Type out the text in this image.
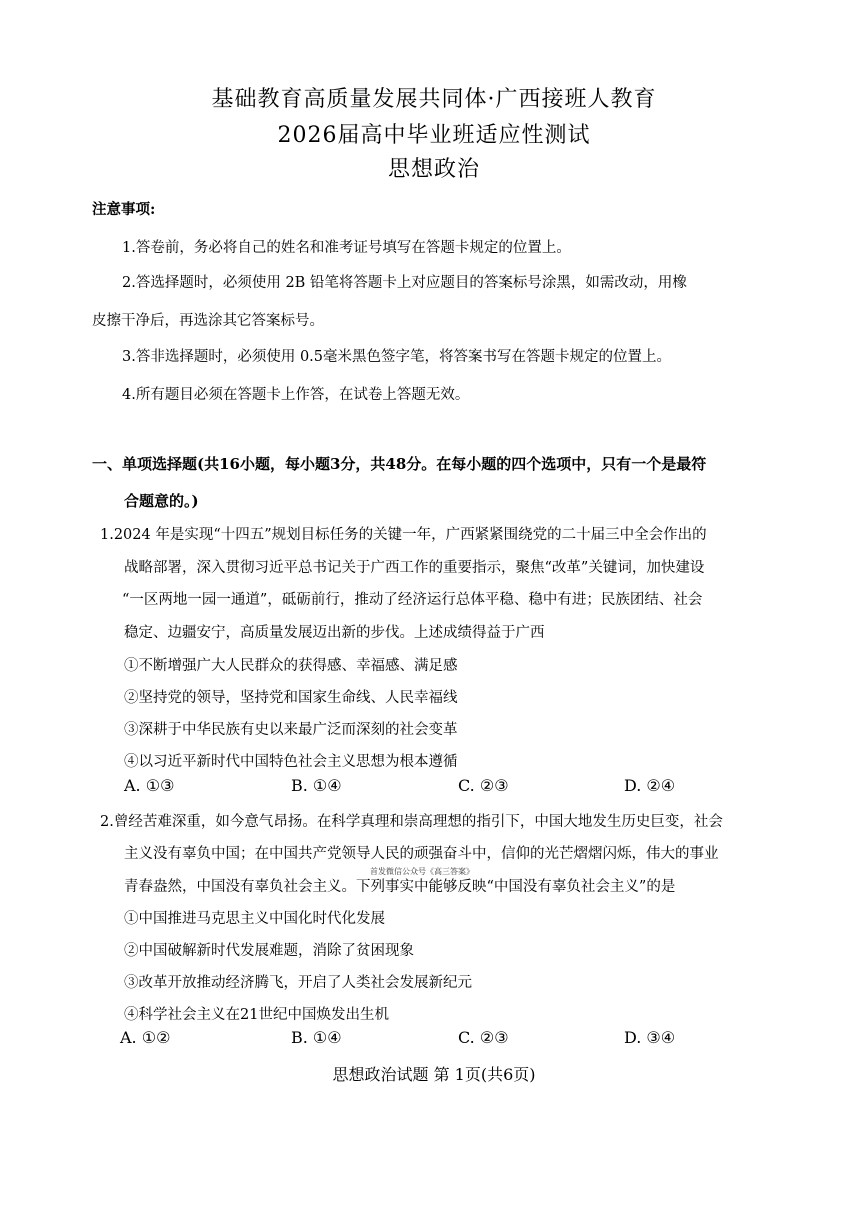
基础教育高质量发展共同体·广西接班人教育
2026届高中毕业班适应性测试
思想政治
注意事项:
1.答卷前，务必将自己的姓名和准考证号填写在答题卡规定的位置上。
2.答选择题时，必须使用 2B 铅笔将答题卡上对应题目的答案标号涂黑，如需改动，用橡
皮擦干净后，再选涂其它答案标号。
3.答非选择题时，必须使用 0.5毫米黑色签字笔，将答案书写在答题卡规定的位置上。
4.所有题目必须在答题卡上作答，在试卷上答题无效。
一、单项选择题(共16小题，每小题3分，共48分。在每小题的四个选项中，只有一个是最符
合题意的。)
1.2024 年是实现“十四五”规划目标任务的关键一年，广西紧紧围绕党的二十届三中全会作出的
战略部署，深入贯彻习近平总书记关于广西工作的重要指示，聚焦“改革”关键词，加快建设
“一区两地一园一通道”，砥砺前行，推动了经济运行总体平稳、稳中有进；民族团结、社会
稳定、边疆安宁，高质量发展迈出新的步伐。上述成绩得益于广西
①不断增强广大人民群众的获得感、幸福感、满足感
②坚持党的领导，坚持党和国家生命线、人民幸福线
③深耕于中华民族有史以来最广泛而深刻的社会变革
④以习近平新时代中国特色社会主义思想为根本遵循
A. ①③	B. ①④	C. ②③	D. ②④
2.曾经苦难深重，如今意气昂扬。在科学真理和崇高理想的指引下，中国大地发生历史巨变，社会
主义没有辜负中国；在中国共产党领导人民的顽强奋斗中，信仰的光芒熠熠闪烁，伟大的事业
首发微信公众号《高三答案》
青春盎然，中国没有辜负社会主义。下列事实中能够反映“中国没有辜负社会主义”的是
①中国推进马克思主义中国化时代化发展
②中国破解新时代发展难题，消除了贫困现象
③改革开放推动经济腾飞，开启了人类社会发展新纪元
④科学社会主义在21世纪中国焕发出生机
A. ①②	B. ①④	C. ②③	D. ③④
思想政治试题 第 1页(共6页)
